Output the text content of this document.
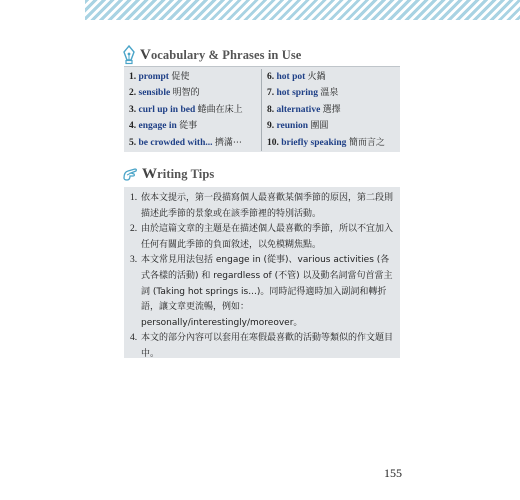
Vocabulary & Phrases in Use
1. prompt 促使
2. sensible 明智的
3. curl up in bed 蜷曲在床上
4. engage in 從事
5. be crowded with... 擠滿⋯
6. hot pot 火鍋
7. hot spring 溫泉
8. alternative 選擇
9. reunion 團圓
10. briefly speaking 簡而言之
Writing Tips
1. 依本文提示，第一段描寫個人最喜歡某個季節的原因，第二段則描述此季節的景象或在該季節裡的特別活動。
2. 由於這篇文章的主題是在描述個人最喜歡的季節，所以不宜加入任何有關此季節的負面敘述，以免模糊焦點。
3. 本文常見用法包括 engage in (從事)、various activities (各式各樣的活動) 和 regardless of (不管) 以及動名詞當句首當主詞 (Taking hot springs is...)。同時記得適時加入副詞和轉折語，讓文章更流暢，例如：personally/interestingly/moreover。
4. 本文的部分內容可以套用在寒假最喜歡的活動等類似的作文題目中。
155
